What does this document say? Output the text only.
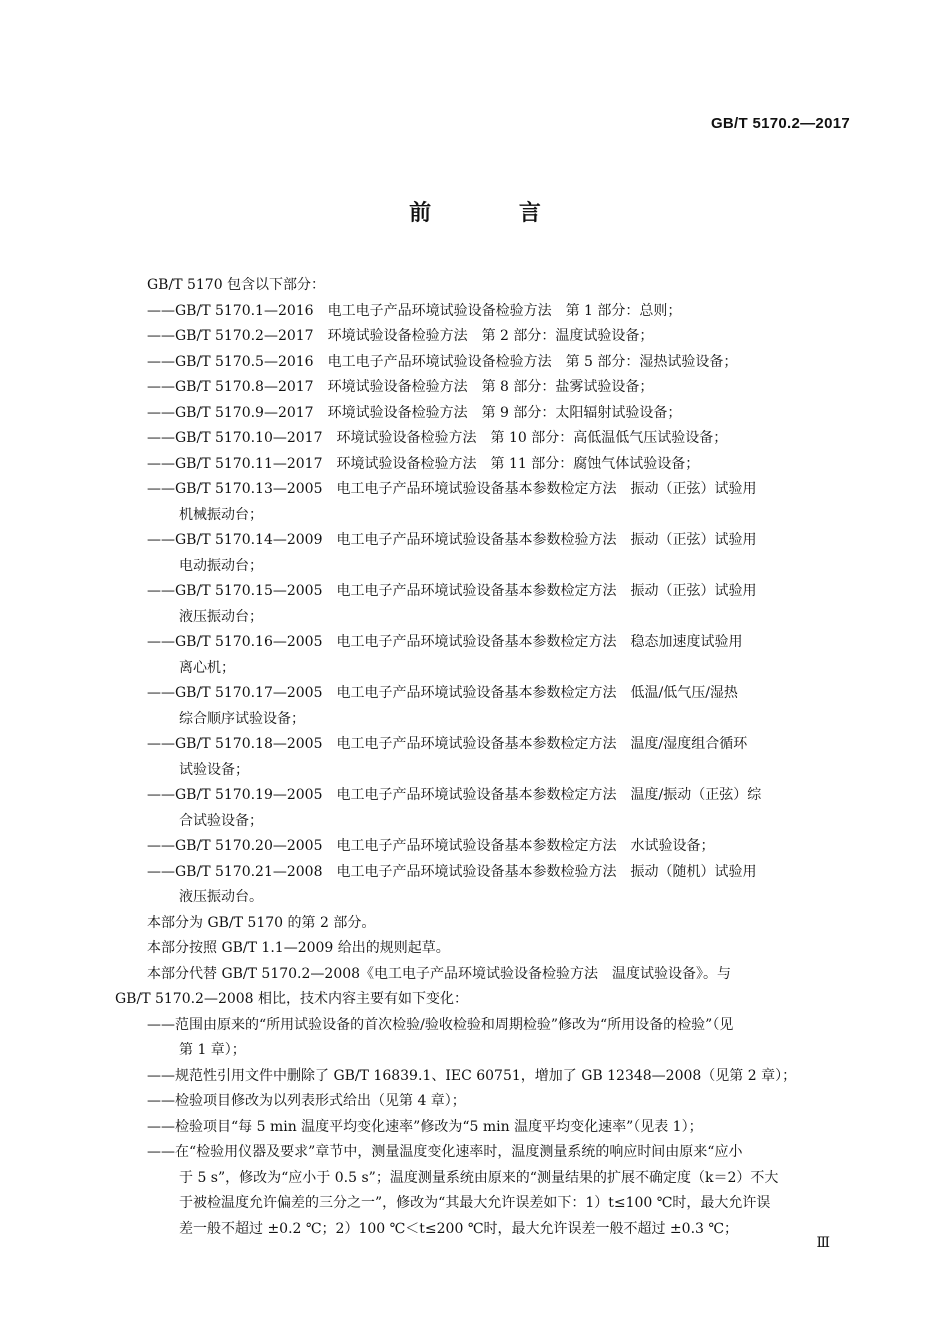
GB/T 5170.2—2017
前 言
GB/T 5170 包含以下部分：
——GB/T 5170.1—2016　电工电子产品环境试验设备检验方法　第 1 部分：总则；
——GB/T 5170.2—2017　环境试验设备检验方法　第 2 部分：温度试验设备；
——GB/T 5170.5—2016　电工电子产品环境试验设备检验方法　第 5 部分：湿热试验设备；
——GB/T 5170.8—2017　环境试验设备检验方法　第 8 部分：盐雾试验设备；
——GB/T 5170.9—2017　环境试验设备检验方法　第 9 部分：太阳辐射试验设备；
——GB/T 5170.10—2017　环境试验设备检验方法　第 10 部分：高低温低气压试验设备；
——GB/T 5170.11—2017　环境试验设备检验方法　第 11 部分：腐蚀气体试验设备；
——GB/T 5170.13—2005　电工电子产品环境试验设备基本参数检定方法　振动（正弦）试验用
机械振动台；
——GB/T 5170.14—2009　电工电子产品环境试验设备基本参数检验方法　振动（正弦）试验用
电动振动台；
——GB/T 5170.15—2005　电工电子产品环境试验设备基本参数检定方法　振动（正弦）试验用
液压振动台；
——GB/T 5170.16—2005　电工电子产品环境试验设备基本参数检定方法　稳态加速度试验用
离心机；
——GB/T 5170.17—2005　电工电子产品环境试验设备基本参数检定方法　低温/低气压/湿热
综合顺序试验设备；
——GB/T 5170.18—2005　电工电子产品环境试验设备基本参数检定方法　温度/湿度组合循环
试验设备；
——GB/T 5170.19—2005　电工电子产品环境试验设备基本参数检定方法　温度/振动（正弦）综
合试验设备；
——GB/T 5170.20—2005　电工电子产品环境试验设备基本参数检定方法　水试验设备；
——GB/T 5170.21—2008　电工电子产品环境试验设备基本参数检验方法　振动（随机）试验用
液压振动台。
本部分为 GB/T 5170 的第 2 部分。
本部分按照 GB/T 1.1—2009 给出的规则起草。
本部分代替 GB/T 5170.2—2008《电工电子产品环境试验设备检验方法　温度试验设备》。与
GB/T 5170.2—2008 相比，技术内容主要有如下变化：
——范围由原来的“所用试验设备的首次检验/验收检验和周期检验”修改为“所用设备的检验”（见
第 1 章）；
——规范性引用文件中删除了 GB/T 16839.1、IEC 60751，增加了 GB 12348—2008（见第 2 章）；
——检验项目修改为以列表形式给出（见第 4 章）；
——检验项目“每 5 min 温度平均变化速率”修改为“5 min 温度平均变化速率”（见表 1）；
——在“检验用仪器及要求”章节中，测量温度变化速率时，温度测量系统的响应时间由原来“应小
于 5 s”，修改为“应小于 0.5 s”；温度测量系统由原来的“测量结果的扩展不确定度（k＝2）不大
于被检温度允许偏差的三分之一”，修改为“其最大允许误差如下：1）t≤100 ℃时，最大允许误
差一般不超过 ±0.2 ℃；2）100 ℃＜t≤200 ℃时，最大允许误差一般不超过 ±0.3 ℃；
Ⅲ
